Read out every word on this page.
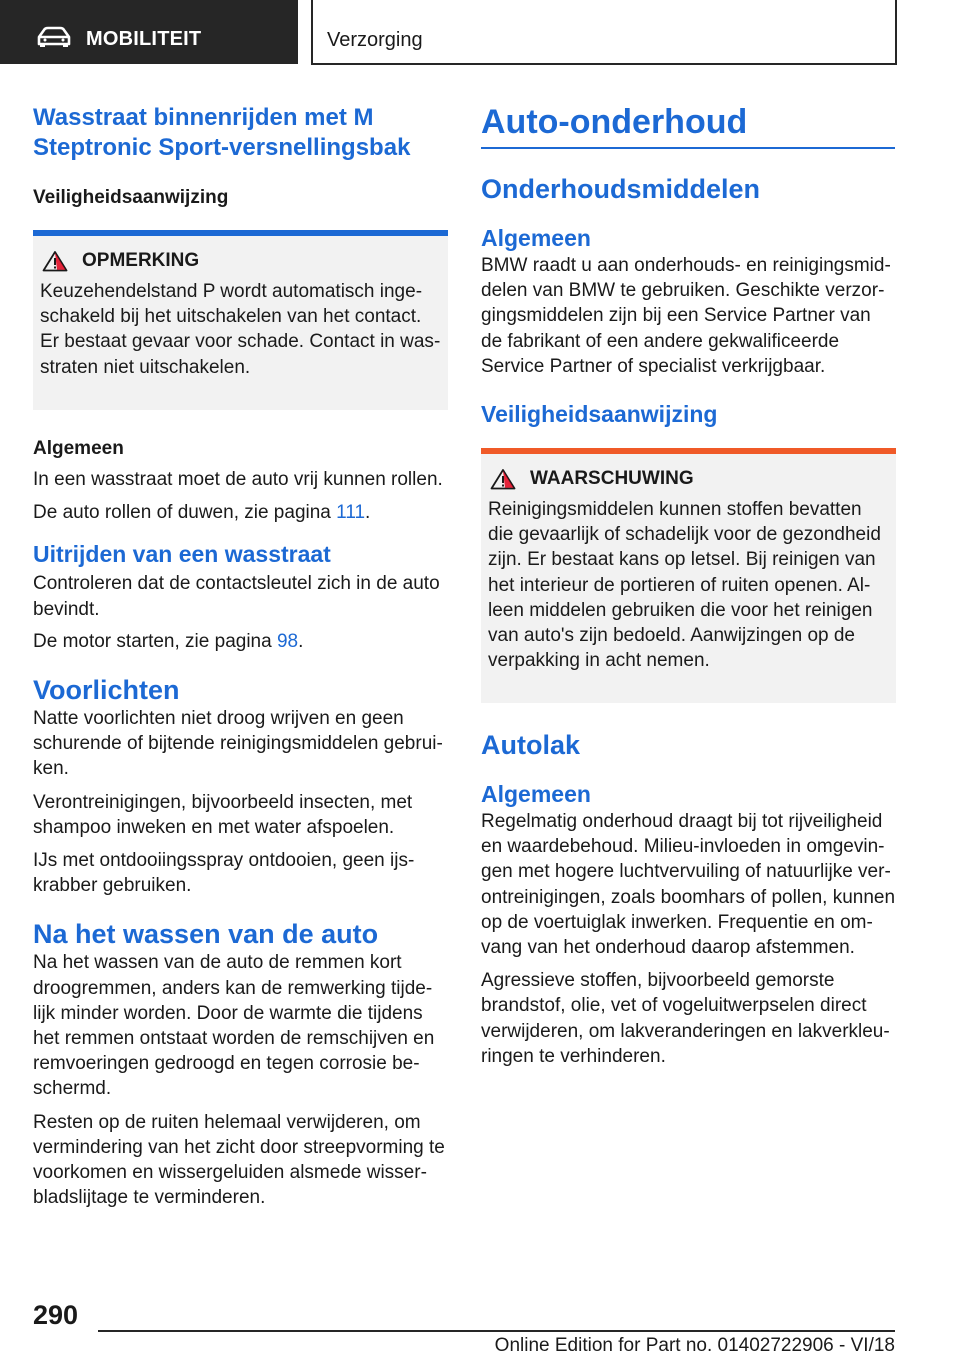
MOBILITEIT	Verzorging
Wasstraat binnenrijden met M Steptronic Sport-versnellingsbak
Veiligheidsaanwijzing
OPMERKING

Keuzehendelstand P wordt automatisch ingeschakeld bij het uitschakelen van het contact. Er bestaat gevaar voor schade. Contact in wasstraten niet uitschakelen.

Algemeen

In een wasstraat moet de auto vrij kunnen rollen.

De auto rollen of duwen, zie pagina 111.

Uitrijden van een wasstraat

Controleren dat de contactsleutel zich in de auto bevindt.

De motor starten, zie pagina 98.

Voorlichten

Natte voorlichten niet droog wrijven en geen schurende of bijtende reinigingsmiddelen gebruiken.

Verontreinigingen, bijvoorbeeld insecten, met shampoo inweken en met water afspoelen.

IJs met ontdooiingsspray ontdooien, geen ijskrabber gebruiken.

Na het wassen van de auto

Na het wassen van de auto de remmen kort droogremmen, anders kan de remwerking tijdelijk minder worden. Door de warmte die tijdens het remmen ontstaat worden de remschijven en remvoeringen gedroogd en tegen corrosie beschermd.

Resten op de ruiten helemaal verwijderen, om vermindering van het zicht door streepvorming te voorkomen en wissergeluiden alsmede wisserbladslijtage te verminderen.

Auto-onderhoud
Onderhoudsmiddelen
Algemeen

BMW raadt u aan onderhouds- en reinigingsmiddelen van BMW te gebruiken. Geschikte verzorgingsmiddelen zijn bij een Service Partner van de fabrikant of een andere gekwalificeerde Service Partner of specialist verkrijgbaar.

Veiligheidsaanwijzing
WAARSCHUWING

Reinigingsmiddelen kunnen stoffen bevatten die gevaarlijk of schadelijk voor de gezondheid zijn. Er bestaat kans op letsel. Bij reinigen van het interieur de portieren of ruiten openen. Alleen middelen gebruiken die voor het reinigen van auto's zijn bedoeld. Aanwijzingen op de verpakking in acht nemen.

Autolak
Algemeen

Regelmatig onderhoud draagt bij tot rijveiligheid en waardebehoud. Milieu-invloeden in omgevingen met hogere luchtvervuiling of natuurlijke verontreinigingen, zoals boomhars of pollen, kunnen op de voertuiglak inwerken. Frequentie en omvang van het onderhoud daarop afstemmen.

Agressieve stoffen, bijvoorbeeld gemorste brandstof, olie, vet of vogeluitwerpselen direct verwijderen, om lakveranderingen en lakverkleuringen te verhinderen.

290
Online Edition for Part no. 01402722906 - VI/18
